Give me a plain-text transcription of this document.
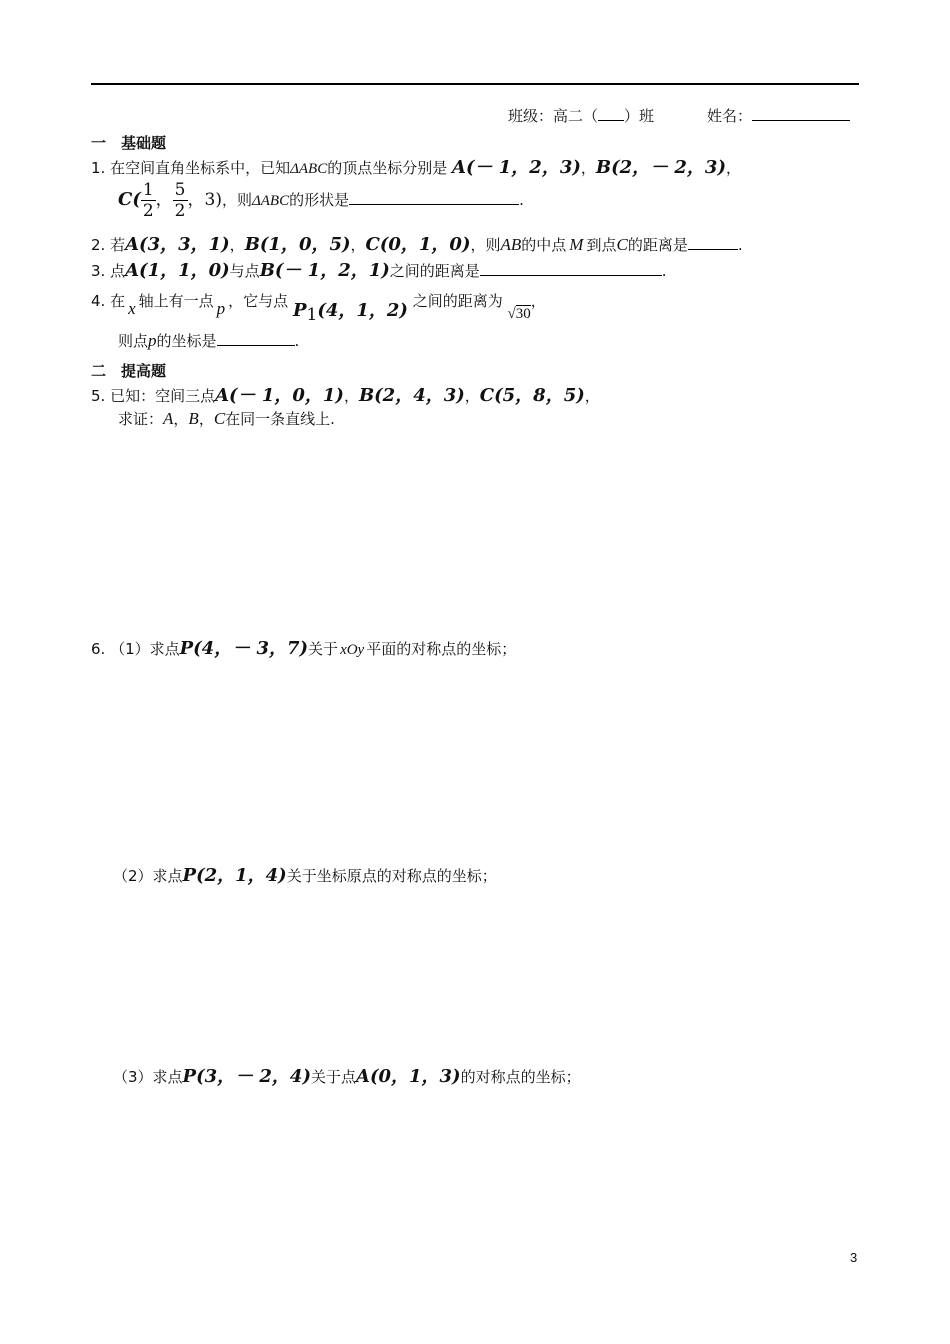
班级：高二（ ）班	姓名：
一　基础题
1. 在空间直角坐标系中，已知ΔABC的顶点坐标分别是 A(－ 1，2，3)，B(2，－ 2，3)，
$C( \frac{1}{2}$ ， $\frac{5}{2}$ ，3)，则ΔABC的形状是	.
2. 若A(3，3，1)，B(1，0，5)，C(0，1，0)，则AB的中点 M 到点C的距离是	.
3. 点A(1，1，0)与点B(－ 1，2，1)之间的距离是	.
4. 在 x 轴上有一点 p ，它与点 $P_1(4$，1，2) 之间的距离为 √30，
则点p的坐标是	.
二　提高题
5. 已知：空间三点A(－ 1，0，1)，B(2，4，3)，C(5，8，5)，
求证：A，B，C在同一条直线上.
6. （1）求点P(4，－ 3，7)关于 xOy 平面的对称点的坐标；
（2）求点P(2，1，4)关于坐标原点的对称点的坐标；
（3）求点P(3，－ 2，4)关于点A(0，1，3)的对称点的坐标；
3
